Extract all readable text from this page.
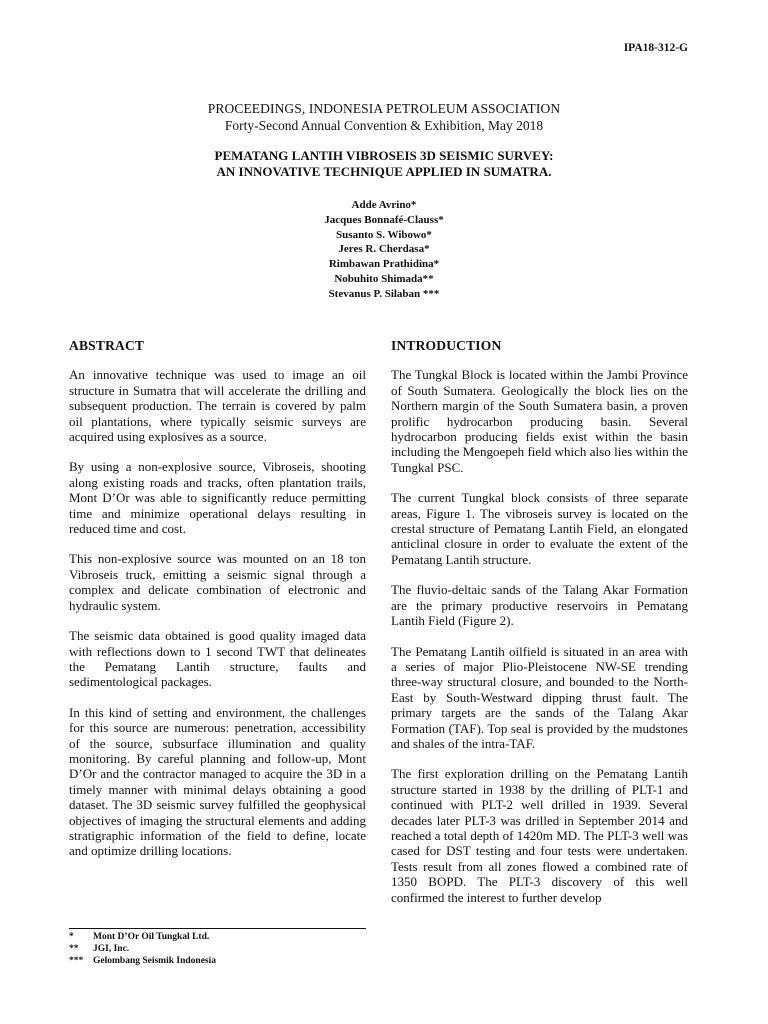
IPA18-312-G
PROCEEDINGS, INDONESIA PETROLEUM ASSOCIATION
Forty-Second Annual Convention & Exhibition, May 2018
PEMATANG LANTIH VIBROSEIS 3D SEISMIC SURVEY:
AN INNOVATIVE TECHNIQUE APPLIED IN SUMATRA.
Adde Avrino*
Jacques Bonnafé-Clauss*
Susanto S. Wibowo*
Jeres R. Cherdasa*
Rimbawan Prathidina*
Nobuhito Shimada**
Stevanus P. Silaban ***
ABSTRACT

An innovative technique was used to image an oil structure in Sumatra that will accelerate the drilling and subsequent production. The terrain is covered by palm oil plantations, where typically seismic surveys are acquired using explosives as a source.

By using a non-explosive source, Vibroseis, shooting along existing roads and tracks, often plantation trails, Mont D’Or was able to significantly reduce permitting time and minimize operational delays resulting in reduced time and cost.

This non-explosive source was mounted on an 18 ton Vibroseis truck, emitting a seismic signal through a complex and delicate combination of electronic and hydraulic system.

The seismic data obtained is good quality imaged data with reflections down to 1 second TWT that delineates the Pematang Lantih structure, faults and sedimentological packages.

In this kind of setting and environment, the challenges for this source are numerous: penetration, accessibility of the source, subsurface illumination and quality monitoring. By careful planning and follow-up, Mont D’Or and the contractor managed to acquire the 3D in a timely manner with minimal delays obtaining a good dataset. The 3D seismic survey fulfilled the geophysical objectives of imaging the structural elements and adding stratigraphic information of the field to define, locate and optimize drilling locations.

INTRODUCTION

The Tungkal Block is located within the Jambi Province of South Sumatera. Geologically the block lies on the Northern margin of the South Sumatera basin, a proven prolific hydrocarbon producing basin. Several hydrocarbon producing fields exist within the basin including the Mengoepeh field which also lies within the Tungkal PSC.

The current Tungkal block consists of three separate areas, Figure 1. The vibroseis survey is located on the crestal structure of Pematang Lantih Field, an elongated anticlinal closure in order to evaluate the extent of the Pematang Lantih structure.

The fluvio-deltaic sands of the Talang Akar Formation are the primary productive reservoirs in Pematang Lantih Field (Figure 2).

The Pematang Lantih oilfield is situated in an area with a series of major Plio-Pleistocene NW-SE trending three-way structural closure, and bounded to the North-East by South-Westward dipping thrust fault. The primary targets are the sands of the Talang Akar Formation (TAF). Top seal is provided by the mudstones and shales of the intra-TAF.

The first exploration drilling on the Pematang Lantih structure started in 1938 by the drilling of PLT-1 and continued with PLT-2 well drilled in 1939. Several decades later PLT-3 was drilled in September 2014 and reached a total depth of 1420m MD. The PLT-3 well was cased for DST testing and four tests were undertaken. Tests result from all zones flowed a combined rate of 1350 BOPD. The PLT-3 discovery of this well confirmed the interest to further develop

*	Mont D’Or Oil Tungkal Ltd.
**	JGI, Inc.
***	Gelombang Seismik Indonesia
